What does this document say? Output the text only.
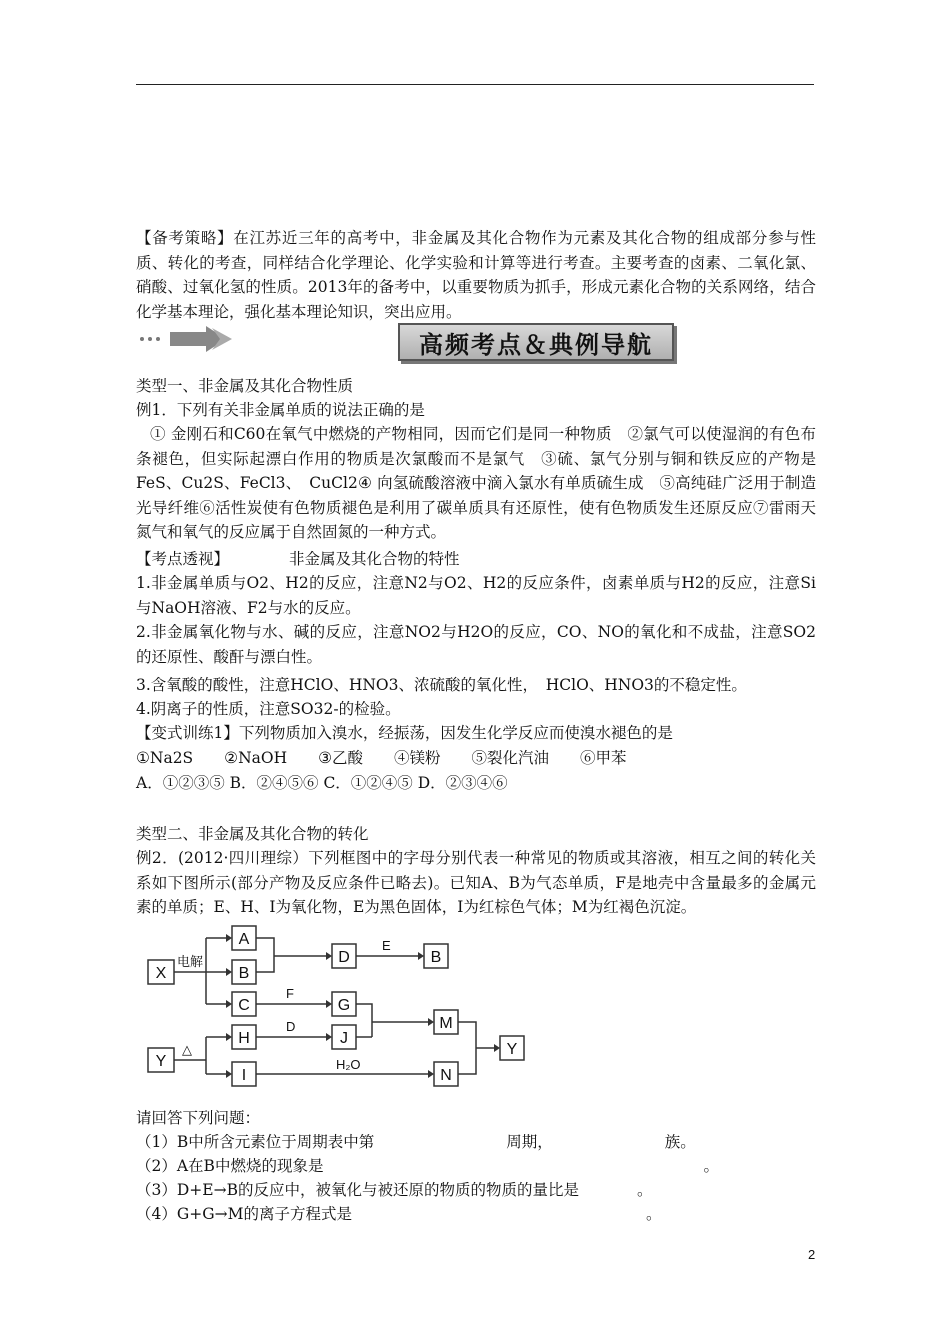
【备考策略】在江苏近三年的高考中，非金属及其化合物作为元素及其化合物的组成部分参与性质、转化的考查，同样结合化学理论、化学实验和计算等进行考查。主要考查的卤素、二氧化氯、硝酸、过氧化氢的性质。2013年的备考中，以重要物质为抓手，形成元素化合物的关系网络，结合化学基本理论，强化基本理论知识，突出应用。
高频考点＆典例导航
类型一、非金属及其化合物性质
例1．下列有关非金属单质的说法正确的是
① 金刚石和C60在氧气中燃烧的产物相同，因而它们是同一种物质　②氯气可以使湿润的有色布条褪色，但实际起漂白作用的物质是次氯酸而不是氯气　③硫、氯气分别与铜和铁反应的产物是FeS、Cu2S、FeCl3、　CuCl2④ 向氢硫酸溶液中滴入氯水有单质硫生成　⑤高纯硅广泛用于制造光导纤维⑥活性炭使有色物质褪色是利用了碳单质具有还原性，使有色物质发生还原反应⑦雷雨天氮气和氧气的反应属于自然固氮的一种方式。
【考点透视】	非金属及其化合物的特性
1.非金属单质与O2、H2的反应，注意N2与O2、H2的反应条件，卤素单质与H2的反应，注意Si与NaOH溶液、F2与水的反应。
2.非金属氧化物与水、碱的反应，注意NO2与H2O的反应，CO、NO的氧化和不成盐，注意SO2的还原性、酸酐与漂白性。
3.含氧酸的酸性，注意HClO、HNO3、浓硫酸的氧化性，　HClO、HNO3的不稳定性。
4.阴离子的性质，注意SO32-的检验。
【变式训练1】下列物质加入溴水，经振荡，因发生化学反应而使溴水褪色的是
①Na2S　　②NaOH　　③乙酸　　④镁粉　　⑤裂化汽油　　⑥甲苯
A．①②③⑤ B．②④⑤⑥ C．①②④⑤ D．②③④⑥
类型二、非金属及其化合物的转化
例2．(2012·四川理综）下列框图中的字母分别代表一种常见的物质或其溶液，相互之间的转化关系如下图所示(部分产物及反应条件已略去)。已知A、B为气态单质，F是地壳中含量最多的金属元素的单质；E、H、I为氧化物，E为黑色固体，I为红棕色气体；M为红褐色沉淀。
X
A
B
C
D
G
M
Y
H	J
I	N
B
Y
电解
E
F
D
△
H₂O
请回答下列问题：
（1）B中所含元素位于周期表中第	周期，	族。
（2）A在B中燃烧的现象是	。
（3）D+E→B的反应中，被氧化与被还原的物质的物质的量比是	。
（4）G+G→M的离子方程式是	。
2
